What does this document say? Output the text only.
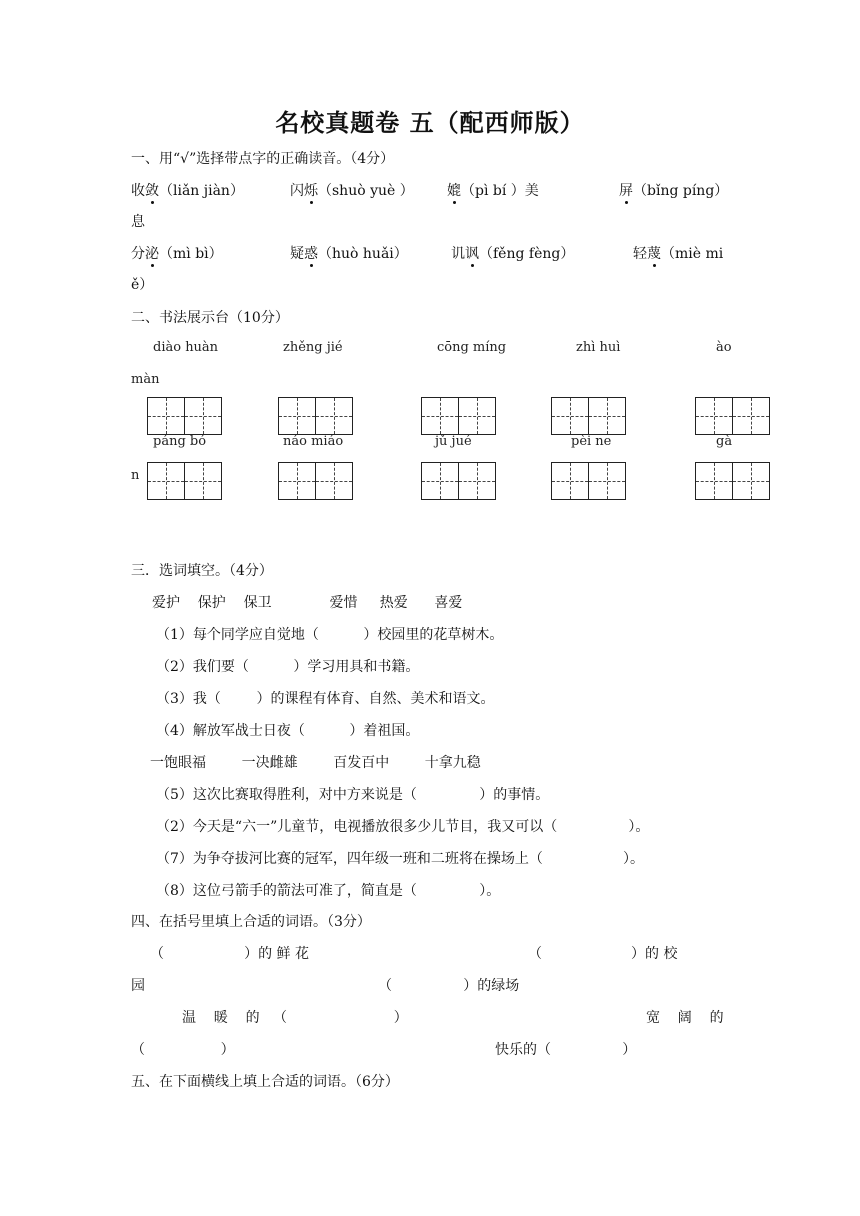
名校真题卷 五（配西师版）
一、用“√”选择带点字的正确读音。（4分）
收敛（liǎn jiàn）	闪烁（shuò yuè ） 媲（pì bí ）美	屏（bǐng píng）
息
分泌（mì bì）	疑惑（huò huǎi）	讥讽（fěng fèng）	轻蔑（miè mi
ě）
二、书法展示台（10分）
diào huàn	zhěng jié	cōng míng	zhì huì	ào
màn
páng bó	náo miáo	jǔ jué	pèi ne	gà
n
三．选词填空。（4分）
爱护    保护    保卫             爱惜     热爱      喜爱
（1）每个同学应自觉地（          ）校园里的花草树木。
（2）我们要（          ）学习用具和书籍。
（3）我（        ）的课程有体育、自然、美术和语文。
（4）解放军战士日夜（          ）着祖国。
一饱眼福        一决雌雄        百发百中        十拿九稳
（5）这次比赛取得胜利，对中方来说是（              ）的事情。
（2）今天是“六一”儿童节，电视播放很多少儿节目，我又可以（                ）。
（7）为争夺拔河比赛的冠军，四年级一班和二班将在操场上（                  ）。
（8）这位弓箭手的箭法可准了，简直是（              ）。
四、在括号里填上合适的词语。（3分）
（                  ）的 鲜 花	（                    ）的 校
园	（                ）的绿场
温    暖    的   （                        ）	宽    阔    的
（                 ）	快乐的（                ）
五、在下面横线上填上合适的词语。（6分）
